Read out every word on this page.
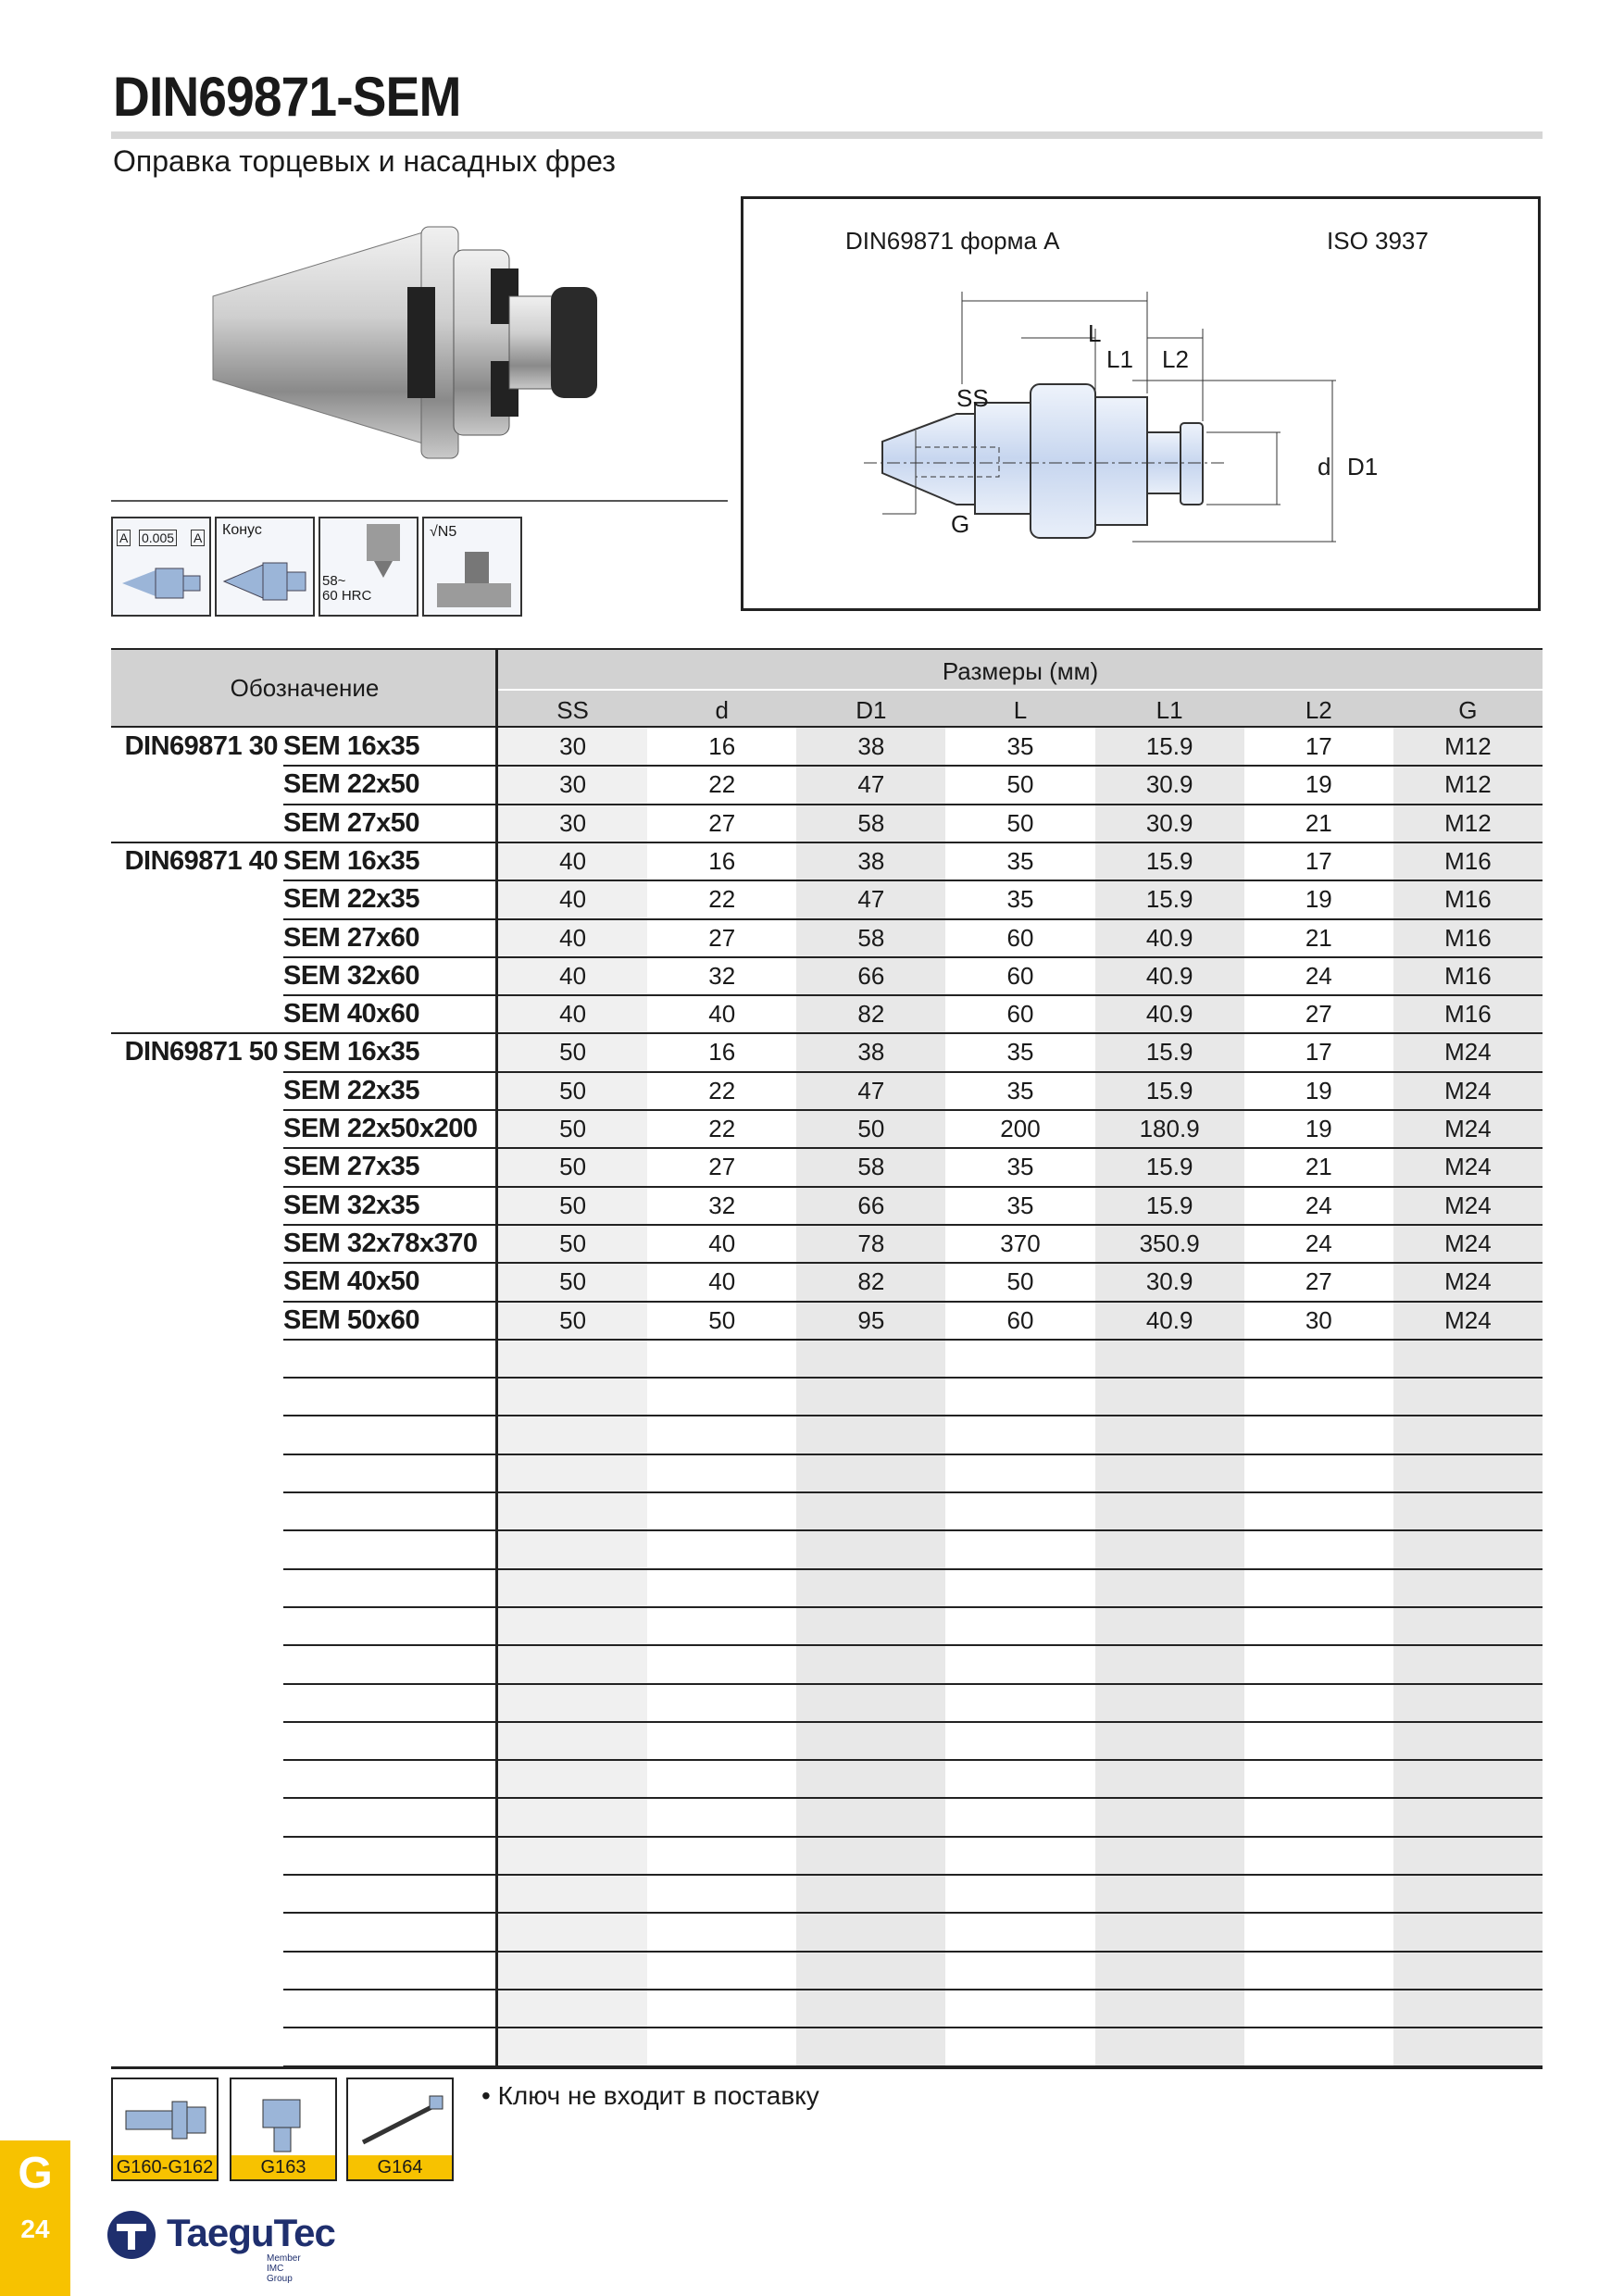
DIN69871-SEM
Оправка торцевых и насадных фрез
A 0.005 A Конус
58~
60 HRC
√N5
DIN69871 форма A	ISO 3937
L
L1 L2
SS
G
d D1
Обозначение
Размеры (мм)
SS	d	D1	L	L1	L2	G
DIN69871 30 SEM 16x35	30	16	38	35	15.9	17	M12
SEM 22x50	30	22	47	50	30.9	19	M12
SEM 27x50	30	27	58	50	30.9	21	M12
DIN69871 40 SEM 16x35	40	16	38	35	15.9	17	M16
SEM 22x35	40	22	47	35	15.9	19	M16
SEM 27x60	40	27	58	60	40.9	21	M16
SEM 32x60	40	32	66	60	40.9	24	M16
SEM 40x60	40	40	82	60	40.9	27	M16
DIN69871 50 SEM 16x35	50	16	38	35	15.9	17	M24
SEM 22x35	50	22	47	35	15.9	19	M24
SEM 22x50x200	50	22	50	200	180.9	19	M24
SEM 27x35	50	27	58	35	15.9	21	M24
SEM 32x35	50	32	66	35	15.9	24	M24
SEM 32x78x370	50	40	78	370	350.9	24	M24
SEM 40x50	50	40	82	50	30.9	27	M24
SEM 50x60	50	50	95	60	40.9	30	M24
G160-G162	G163	G164
• Ключ не входит в поставку
G
24	TaeguTec
Member IMC Group
